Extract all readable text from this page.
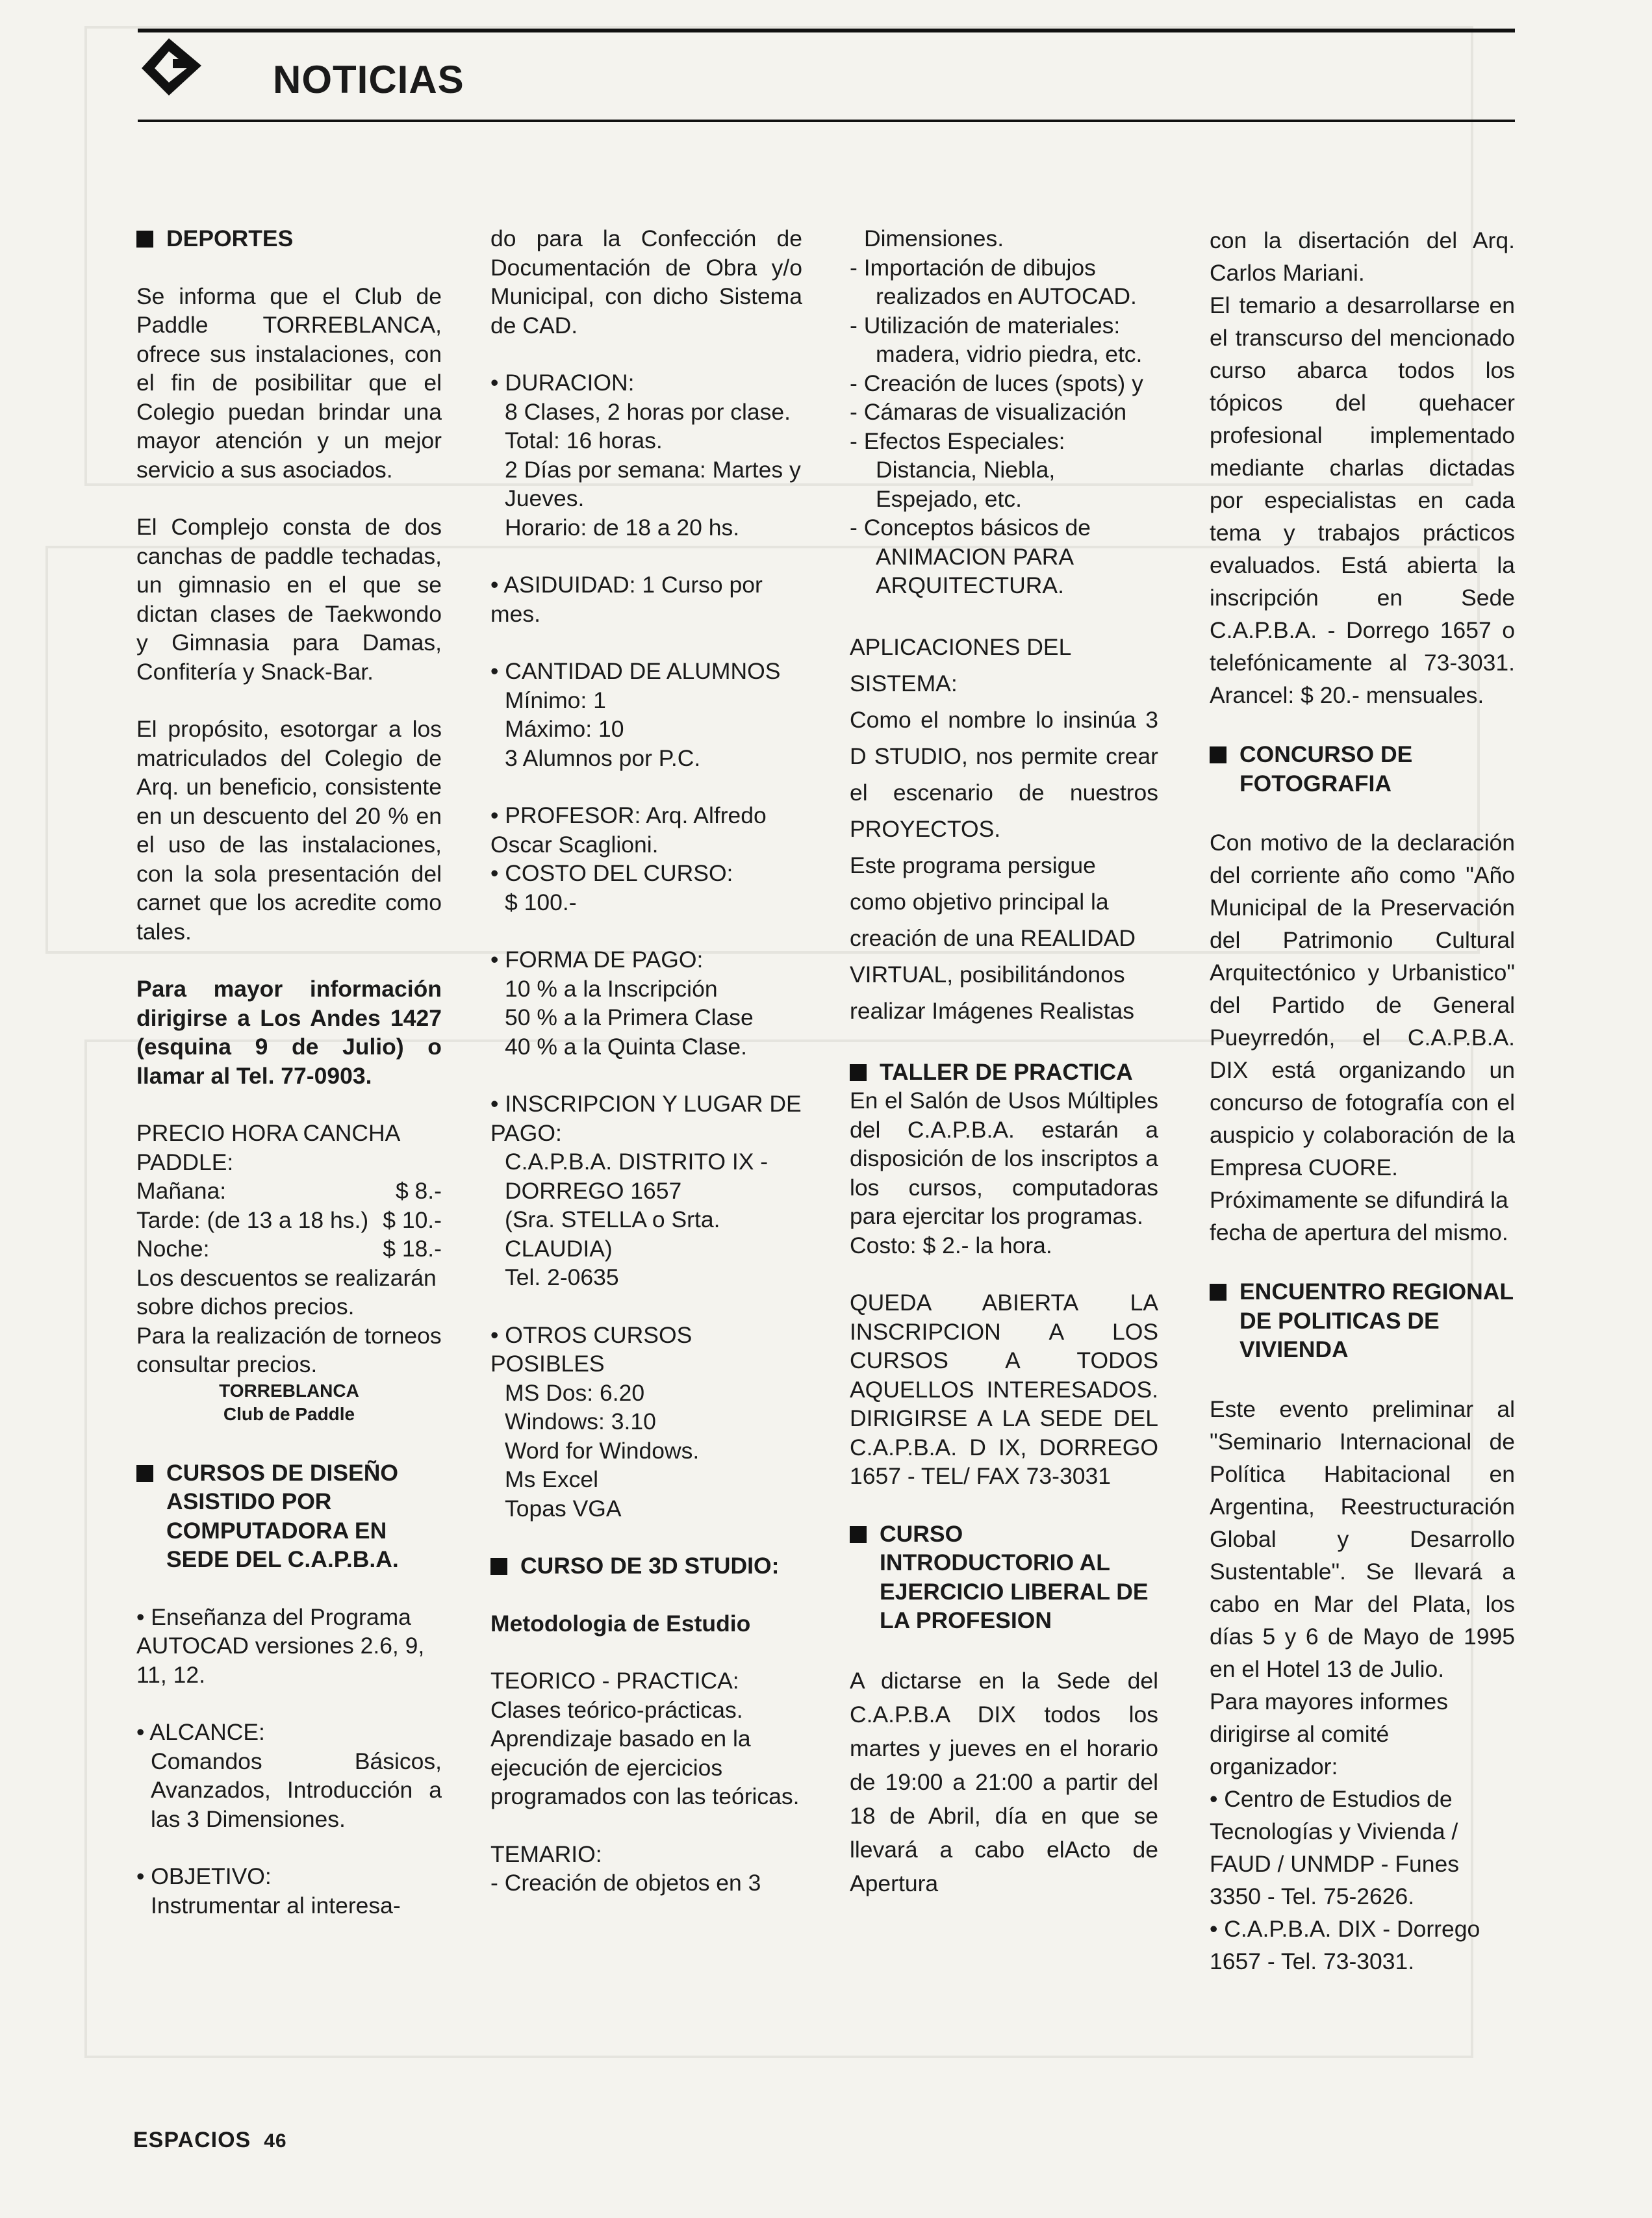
NOTICIAS
DEPORTES

Se informa que el Club de Paddle TORREBLANCA, ofrece sus instalaciones, con el fin de posibilitar que el Colegio puedan brindar una mayor atención y un mejor servicio a sus asociados.

El Complejo consta de dos canchas de paddle techadas, un gimnasio en el que se dictan clases de Taekwondo y Gimnasia para Damas, Confitería y Snack-Bar.

El propósito, esotorgar a los matriculados del Colegio de Arq. un beneficio, consistente en un descuento del 20 % en el uso de las instalaciones, con la sola presentación del carnet que los acredite como tales.

Para mayor información dirigirse a Los Andes 1427 (esquina 9 de Julio) o llamar al Tel. 77-0903.

PRECIO HORA CANCHA PADDLE:

Mañana:	$ 8.-
Tarde: (de 13 a 18 hs.) $ 10.-
Noche:	$ 18.-
Los descuentos se realizarán sobre dichos precios.
Para la realización de torneos consultar precios.
TORREBLANCA
Club de Paddle
CURSOS DE DISEÑO ASISTIDO POR COMPUTADORA EN SEDE DEL C.A.P.B.A.

• Enseñanza del Programa AUTOCAD versiones 2.6, 9, 11, 12.

• ALCANCE:

Comandos Básicos, Avanzados, Introducción a las 3 Dimensiones.

• OBJETIVO:
Instrumentar al interesa-

do para la Confección de Documentación de Obra y/o Municipal, con dicho Sistema de CAD.

• DURACION:
8 Clases, 2 horas por clase. Total: 16 horas.
2 Días por semana: Martes y Jueves.

Horario: de 18 a 20 hs.

• ASIDUIDAD: 1 Curso por mes.

• CANTIDAD DE ALUMNOS
Mínimo: 1
Máximo: 10

3 Alumnos por P.C.

• PROFESOR: Arq. Alfredo Oscar Scaglioni.
• COSTO DEL CURSO:

$ 100.-

• FORMA DE PAGO:
10 % a la Inscripción
50 % a la Primera Clase

40 % a la Quinta Clase.

• INSCRIPCION Y LUGAR DE PAGO:
C.A.P.B.A. DISTRITO IX - DORREGO 1657
(Sra. STELLA o Srta. CLAUDIA)

Tel. 2-0635

• OTROS CURSOS POSIBLES
MS Dos: 6.20
Windows: 3.10
Word for Windows.
Ms Excel

Topas VGA

CURSO DE 3D STUDIO:

Metodologia de Estudio

TEORICO - PRACTICA:

Clases teórico-prácticas. Aprendizaje basado en la ejecución de ejercicios programados con las teóricas.

TEMARIO:
- Creación de objetos en 3
Dimensiones.
- Importación de dibujos realizados en AUTOCAD.
- Utilización de materiales: madera, vidrio piedra, etc.
- Creación de luces (spots) y
- Cámaras de visualización
- Efectos Especiales: Distancia, Niebla, Espejado, etc.

- Conceptos básicos de ANIMACION PARA ARQUITECTURA.

APLICACIONES DEL SISTEMA:
Como el nombre lo insinúa 3 D STUDIO, nos permite crear el escenario de nuestros PROYECTOS.

Este programa persigue como objetivo principal la creación de una REALIDAD VIRTUAL, posibilitándonos realizar Imágenes Realistas

TALLER DE PRACTICA
En el Salón de Usos Múltiples del C.A.P.B.A. estarán a disposición de los inscriptos a los cursos, computadoras para ejercitar los programas.

Costo: $ 2.- la hora.

QUEDA ABIERTA LA INSCRIPCION A LOS CURSOS A TODOS AQUELLOS INTERESADOS. DIRIGIRSE A LA SEDE DEL C.A.P.B.A. D IX, DORREGO 1657 - TEL/ FAX 73-3031

CURSO INTRODUCTORIO AL EJERCICIO LIBERAL DE LA PROFESION

A dictarse en la Sede del C.A.P.B.A DIX todos los martes y jueves en el horario de 19:00 a 21:00 a partir del 18 de Abril, día en que se llevará a cabo elActo de Apertura

con la disertación del Arq. Carlos Mariani.

El temario a desarrollarse en el transcurso del mencionado curso abarca todos los tópicos del quehacer profesional implementado mediante charlas dictadas por especialistas en cada tema y trabajos prácticos evaluados. Está abierta la inscripción en Sede C.A.P.B.A. - Dorrego 1657 o telefónicamente al 73-3031. Arancel: $ 20.- mensuales.

CONCURSO DE FOTOGRAFIA
Con motivo de la declaración del corriente año como "Año Municipal de la Preservación del Patrimonio Cultural Arquitectónico y Urbanistico" del Partido de General Pueyrredón, el C.A.P.B.A. DIX está organizando un concurso de fotografía con el auspicio y colaboración de la Empresa CUORE.

Próximamente se difundirá la fecha de apertura del mismo.

ENCUENTRO REGIONAL DE POLITICAS DE VIVIENDA
Este evento preliminar al "Seminario Internacional de Política Habitacional en Argentina, Reestructuración Global y Desarrollo Sustentable". Se llevará a cabo en Mar del Plata, los días 5 y 6 de Mayo de 1995 en el Hotel 13 de Julio.
Para mayores informes dirigirse al comité organizador:
• Centro de Estudios de Tecnologías y Vivienda / FAUD / UNMDP - Funes 3350 - Tel. 75-2626.
• C.A.P.B.A. DIX - Dorrego 1657 - Tel. 73-3031.
ESPACIOS 46
